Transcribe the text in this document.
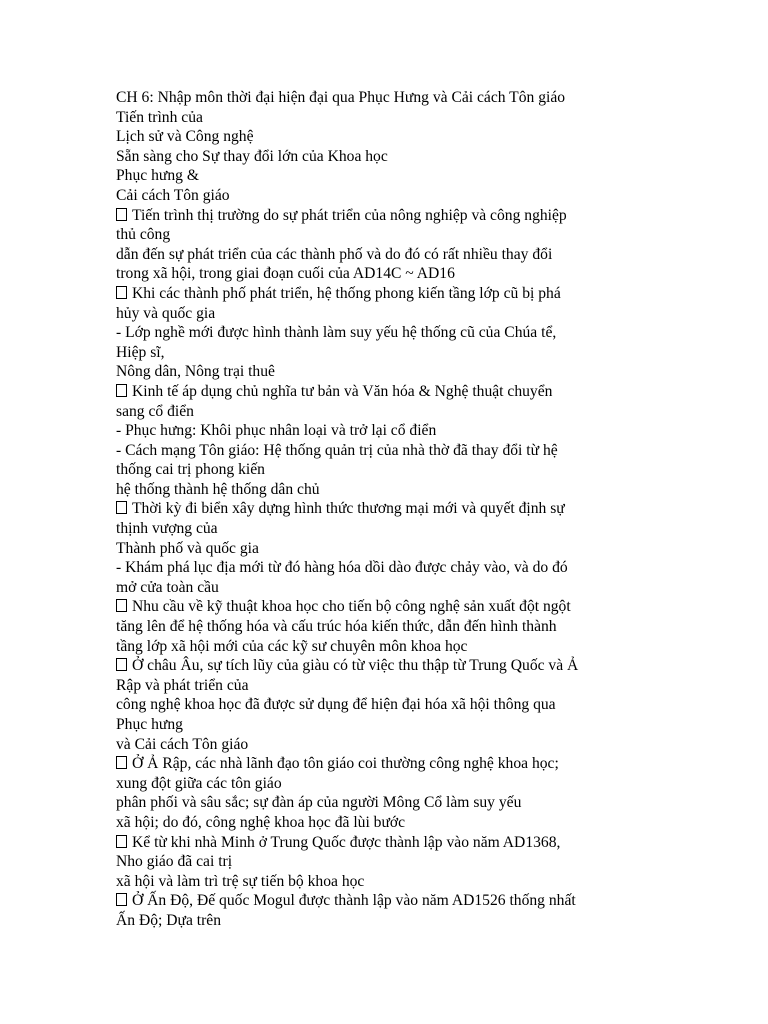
CH 6: Nhập môn thời đại hiện đại qua Phục Hưng và Cải cách Tôn giáo
Tiến trình của
Lịch sử và Công nghệ
Sẵn sàng cho Sự thay đổi lớn của Khoa học
Phục hưng &
Cải cách Tôn giáo
Tiến trình thị trường do sự phát triển của nông nghiệp và công nghiệp
thủ công
dẫn đến sự phát triển của các thành phố và do đó có rất nhiều thay đổi
trong xã hội, trong giai đoạn cuối của AD14C ~ AD16
Khi các thành phố phát triển, hệ thống phong kiến tầng lớp cũ bị phá
hủy và quốc gia
- Lớp nghề mới được hình thành làm suy yếu hệ thống cũ của Chúa tể,
Hiệp sĩ,
Nông dân, Nông trại thuê
Kinh tế áp dụng chủ nghĩa tư bản và Văn hóa & Nghệ thuật chuyển
sang cổ điển
- Phục hưng: Khôi phục nhân loại và trở lại cổ điển
- Cách mạng Tôn giáo: Hệ thống quản trị của nhà thờ đã thay đổi từ hệ
thống cai trị phong kiến
hệ thống thành hệ thống dân chủ
Thời kỳ đi biển xây dựng hình thức thương mại mới và quyết định sự
thịnh vượng của
Thành phố và quốc gia
- Khám phá lục địa mới từ đó hàng hóa dồi dào được chảy vào, và do đó
mở cửa toàn cầu
Nhu cầu về kỹ thuật khoa học cho tiến bộ công nghệ sản xuất đột ngột
tăng lên để hệ thống hóa và cấu trúc hóa kiến thức, dẫn đến hình thành
tầng lớp xã hội mới của các kỹ sư chuyên môn khoa học
Ở châu Âu, sự tích lũy của giàu có từ việc thu thập từ Trung Quốc và Ả
Rập và phát triển của
công nghệ khoa học đã được sử dụng để hiện đại hóa xã hội thông qua
Phục hưng
và Cải cách Tôn giáo
Ở Ả Rập, các nhà lãnh đạo tôn giáo coi thường công nghệ khoa học;
xung đột giữa các tôn giáo
phân phối và sâu sắc; sự đàn áp của người Mông Cổ làm suy yếu
xã hội; do đó, công nghệ khoa học đã lùi bước
Kể từ khi nhà Minh ở Trung Quốc được thành lập vào năm AD1368,
Nho giáo đã cai trị
xã hội và làm trì trệ sự tiến bộ khoa học
Ở Ấn Độ, Đế quốc Mogul được thành lập vào năm AD1526 thống nhất
Ấn Độ; Dựa trên
